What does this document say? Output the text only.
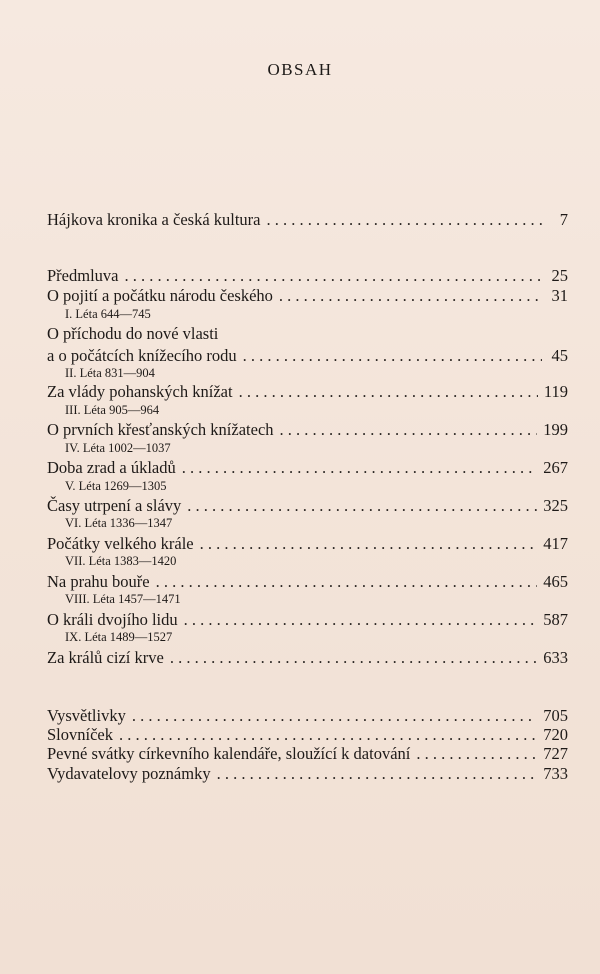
OBSAH
Hájkova kronika a česká kultura . . .	7
Předmluva . . .	25
O pojití a počátku národu českého . . .	31
I. Léta 644—745
O příchodu do nové vlasti
a o počátcích knížecího rodu . . .	45
II. Léta 831—904
Za vlády pohanských knížat . . .	119
III. Léta 905—964
O prvních křesťanských knížatech . . .	199
IV. Léta 1002—1037
Doba zrad a úkladů . . .	267
V. Léta 1269—1305
Časy utrpení a slávy . . .	325
VI. Léta 1336—1347
Počátky velkého krále . . .	417
VII. Léta 1383—1420
Na prahu bouře . . .	465
VIII. Léta 1457—1471
O králi dvojího lidu . . .	587
IX. Léta 1489—1527
Za králů cizí krve . . .	633
Vysvětlivky . . .	705
Slovníček . . .	720
Pevné svátky církevního kalendáře, sloužící k datování . . .	727
Vydavatelovy poznámky . . .	733
